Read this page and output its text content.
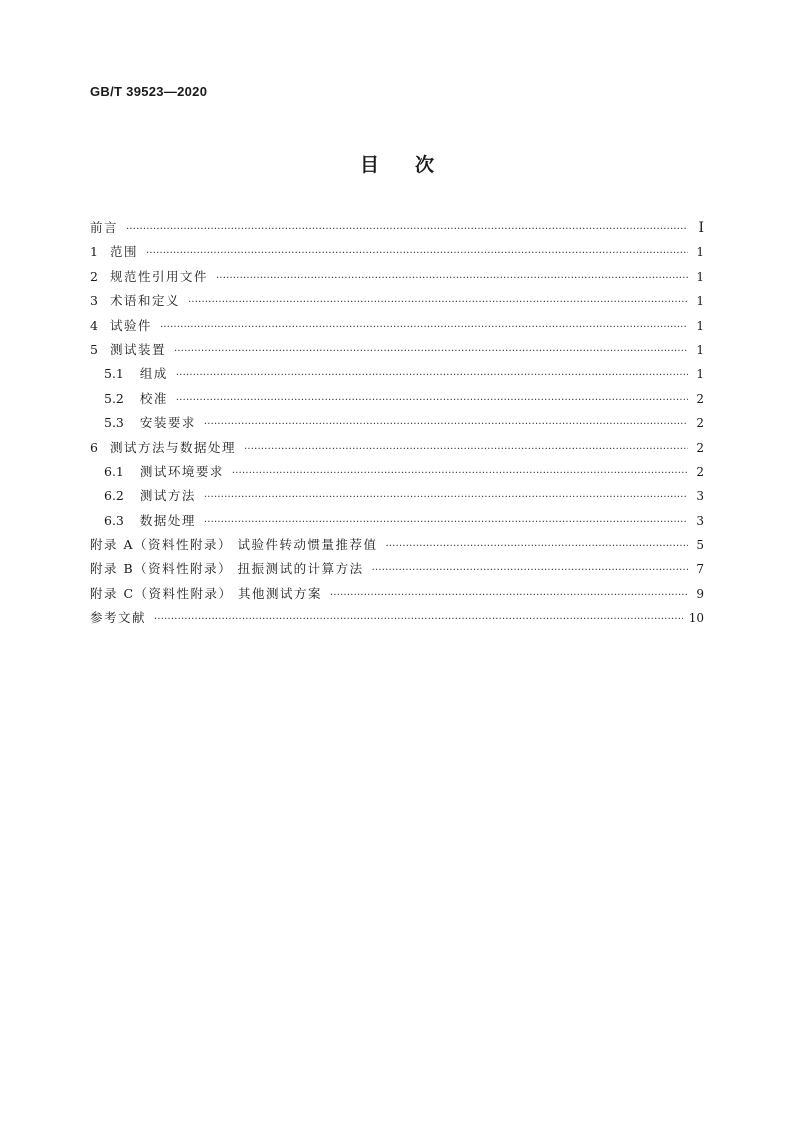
GB/T 39523—2020
目次
前言 ·····	Ⅰ
1 范围 ·····	1
2 规范性引用文件 ·····	1
3 术语和定义 ·····	1
4 试验件 ·····	1
5 测试装置 ·····	1
5.1 组成 ·····	1
5.2 校准 ·····	2
5.3 安装要求 ·····	2
6 测试方法与数据处理 ·····	2
6.1 测试环境要求 ·····	2
6.2 测试方法 ·····	3
6.3 数据处理 ·····	3
附录 A（资料性附录） 试验件转动惯量推荐值 ·····	5
附录 B（资料性附录） 扭振测试的计算方法 ·····	7
附录 C（资料性附录） 其他测试方案 ·····	9
参考文献 ·····	10
